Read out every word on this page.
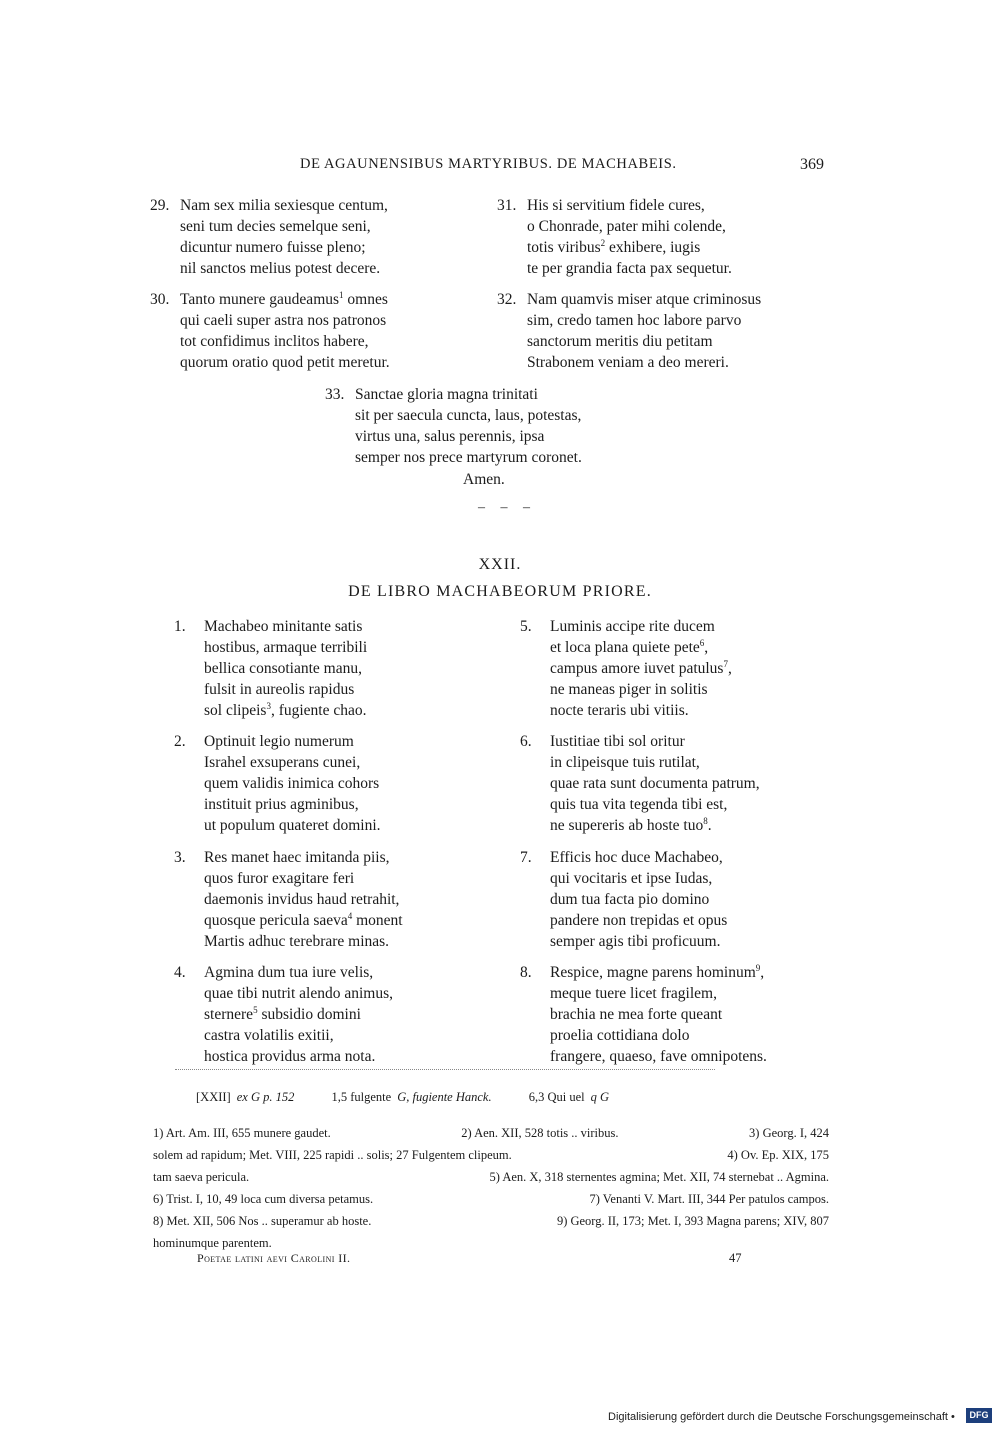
DE AGAUNENSIBUS MARTYRIBUS. DE MACHABEIS.	369
29. Nam sex milia sexiesque centum,
seni tum decies semelque seni,
dicuntur numero fuisse pleno;
nil sanctos melius potest decere.
31. His si servitium fidele cures,
o Chonrade, pater mihi colende,
totis viribus$^2$ exhibere, iugis
te per grandia facta pax sequetur.
30. Tanto munere gaudeamus$^1$ omnes
qui caeli super astra nos patronos
tot confidimus inclitos habere,
quorum oratio quod petit meretur.
32. Nam quamvis miser atque criminosus
sim, credo tamen hoc labore parvo
sanctorum meritis diu petitam
Strabonem veniam a deo mereri.
33. Sanctae gloria magna trinitati
sit per saecula cuncta, laus, potestas,
virtus una, salus perennis, ipsa
semper nos prece martyrum coronet.
Amen.
– – –
XXII.
DE LIBRO MACHABEORUM PRIORE.
1.	Machabeo minitante satis
hostibus, armaque terribili
bellica consotiante manu,
fulsit in aureolis rapidus
sol clipeis$^3$, fugiente chao.
5.	Luminis accipe rite ducem
et loca plana quiete pete$^6$,
campus amore iuvet patulus$^7$,
ne maneas piger in solitis
nocte teraris ubi vitiis.
2.	Optinuit legio numerum
Israhel exsuperans cunei,
quem validis inimica cohors
instituit prius agminibus,
ut populum quateret domini.
6.	Iustitiae tibi sol oritur
in clipeisque tuis rutilat,
quae rata sunt documenta patrum,
quis tua vita tegenda tibi est,
ne supereris ab hoste tuo$^8$.
3.	Res manet haec imitanda piis,
quos furor exagitare feri
daemonis invidus haud retrahit,
quosque pericula saeva$^4$ monent
Martis adhuc terebrare minas.
7.	Efficis hoc duce Machabeo,
qui vocitaris et ipse Iudas,
dum tua facta pio domino
pandere non trepidas et opus
semper agis tibi proficuum.
4.	Agmina dum tua iure velis,
quae tibi nutrit alendo animus,
sternere$^5$ subsidio domini
castra volatilis exitii,
hostica providus arma nota.
8.	Respice, magne parens hominum$^9$,
meque tuere licet fragilem,
brachia ne mea forte queant
proelia cottidiana dolo
frangere, quaeso, fave omnipotens.
[XXII] ex G p. 152	1,5 fulgente G, fugiente Hanck.	6,3 Qui uel q G
1) Art. Am. III, 655 munere gaudet.	2) Aen. XII, 528 totis .. viribus.	3) Georg. I, 424
solem ad rapidum; Met. VIII, 225 rapidi .. solis; 27 Fulgentem clipeum.	4) Ov. Ep. XIX, 175
tam saeva pericula.	5) Aen. X, 318 sternentes agmina; Met. XII, 74 sternebat .. Agmina.
6) Trist. I, 10, 49 loca cum diversa petamus.	7) Venanti V. Mart. III, 344 Per patulos campos.
8) Met. XII, 506 Nos .. superamur ab hoste.	9) Georg. II, 173; Met. I, 393 Magna parens; XIV, 807
hominumque parentem.
Poetae latini aevi Carolini II.	47
Digitalisierung gefördert durch die Deutsche Forschungsgemeinschaft •	DFG
